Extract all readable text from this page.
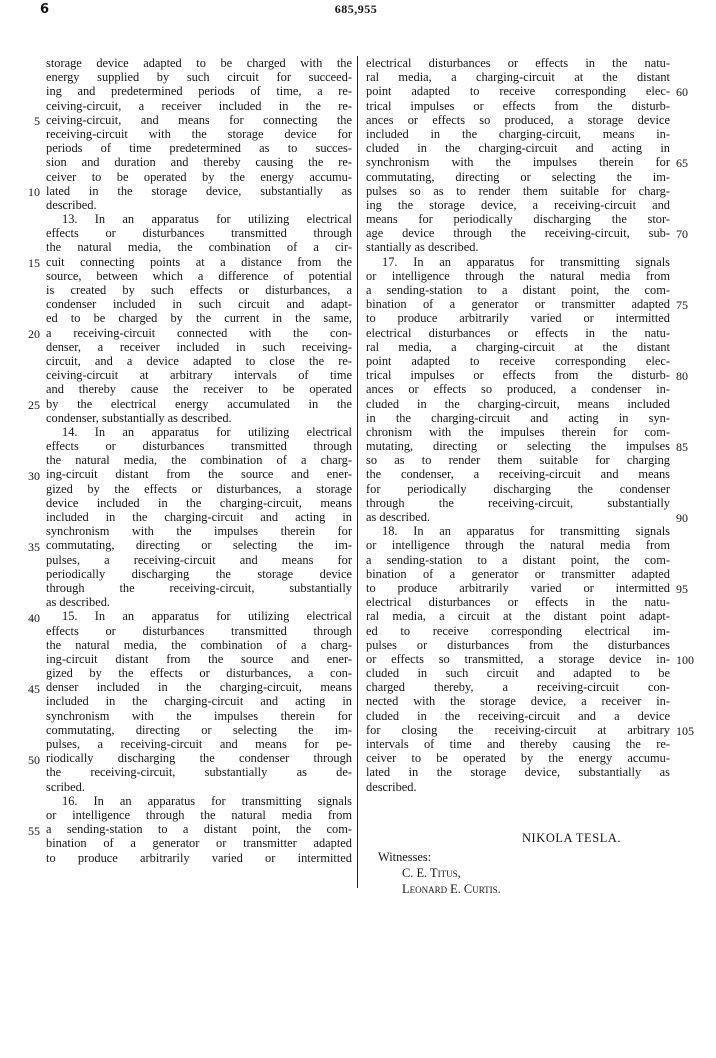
6	685,955
storage device adapted to be charged with the
energy supplied by such circuit for succeed-
ing and predetermined periods of time, a re-
ceiving-circuit, a receiver included in the re-
ceiving-circuit, and means for connecting the
receiving-circuit with the storage device for
periods of time predetermined as to succes-
sion and duration and thereby causing the re-
ceiver to be operated by the energy accumu-
lated in the storage device, substantially as
described.
13. In an apparatus for utilizing electrical
effects or disturbances transmitted through
the natural media, the combination of a cir-
cuit connecting points at a distance from the
source, between which a difference of potential
is created by such effects or disturbances, a
condenser included in such circuit and adapt-
ed to be charged by the current in the same,
a receiving-circuit connected with the con-
denser, a receiver included in such receiving-
circuit, and a device adapted to close the re-
ceiving-circuit at arbitrary intervals of time
and thereby cause the receiver to be operated
by the electrical energy accumulated in the
condenser, substantially as described.
14. In an apparatus for utilizing electrical
effects or disturbances transmitted through
the natural media, the combination of a charg-
ing-circuit distant from the source and ener-
gized by the effects or disturbances, a storage
device included in the charging-circuit, means
included in the charging-circuit and acting in
synchronism with the impulses therein for
commutating, directing or selecting the im-
pulses, a receiving-circuit and means for
periodically discharging the storage device
through the receiving-circuit, substantially
as described.
15. In an apparatus for utilizing electrical
effects or disturbances transmitted through
the natural media, the combination of a charg-
ing-circuit distant from the source and ener-
gized by the effects or disturbances, a con-
denser included in the charging-circuit, means
included in the charging-circuit and acting in
synchronism with the impulses therein for
commutating, directing or selecting the im-
pulses, a receiving-circuit and means for pe-
riodically discharging the condenser through
the receiving-circuit, substantially as de-
scribed.
16. In an apparatus for transmitting signals
or intelligence through the natural media from
a sending-station to a distant point, the com-
bination of a generator or transmitter adapted
to produce arbitrarily varied or intermitted
electrical disturbances or effects in the natu-
ral media, a charging-circuit at the distant
point adapted to receive corresponding elec-
trical impulses or effects from the disturb-
ances or effects so produced, a storage device
included in the charging-circuit, means in-
cluded in the charging-circuit and acting in
synchronism with the impulses therein for
commutating, directing or selecting the im-
pulses so as to render them suitable for charg-
ing the storage device, a receiving-circuit and
means for periodically discharging the stor-
age device through the receiving-circuit, sub-
stantially as described.
17. In an apparatus for transmitting signals
or intelligence through the natural media from
a sending-station to a distant point, the com-
bination of a generator or transmitter adapted
to produce arbitrarily varied or intermitted
electrical disturbances or effects in the natu-
ral media, a charging-circuit at the distant
point adapted to receive corresponding elec-
trical impulses or effects from the disturb-
ances or effects so produced, a condenser in-
cluded in the charging-circuit, means included
in the charging-circuit and acting in syn-
chronism with the impulses therein for com-
mutating, directing or selecting the impulses
so as to render them suitable for charging
the condenser, a receiving-circuit and means
for periodically discharging the condenser
through the receiving-circuit, substantially
as described.
18. In an apparatus for transmitting signals
or intelligence through the natural media from
a sending-station to a distant point, the com-
bination of a generator or transmitter adapted
to produce arbitrarily varied or intermitted
electrical disturbances or effects in the natu-
ral media, a circuit at the distant point adapt-
ed to receive corresponding electrical im-
pulses or disturbances from the disturbances
or effects so transmitted, a storage device in-
cluded in such circuit and adapted to be
charged thereby, a receiving-circuit con-
nected with the storage device, a receiver in-
cluded in the receiving-circuit and a device
for closing the receiving-circuit at arbitrary
intervals of time and thereby causing the re-
ceiver to be operated by the energy accumu-
lated in the storage device, substantially as
described.
5
10
15
20
25
30
35
40
45
50
55
60
65
70
75
80
85
90
95
100
105
NIKOLA TESLA.
Witnesses:
C. E. Titus,
Leonard E. Curtis.
